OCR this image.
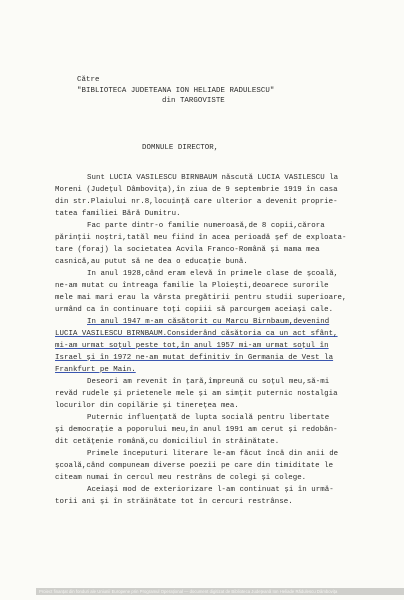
Către
"BIBLIOTECA JUDETEANA ION HELIADE RADULESCU"
din TARGOVISTE
DOMNULE DIRECTOR,
Sunt LUCIA VASILESCU BIRNBAUM născută LUCIA VASILESCU la
Moreni (Județul Dâmbovița),în ziua de 9 septembrie 1919 în casa
din str.Plaiului nr.8,locuință care ulterior a devenit proprie-
tatea familiei Bără Dumitru.
Fac parte dintr-o familie numeroasă,de 8 copii,cărora
părinții noștri,tatăl meu fiind în acea perioadă șef de exploata-
tare (foraj) la societatea Acvila Franco-Română și mama mea
casnică,au putut să ne dea o educație bună.
In anul 1928,când eram elevă în primele clase de școală,
ne-am mutat cu întreaga familie la Ploiești,deoarece surorile
mele mai mari erau la vârsta pregătirii pentru studii superioare,
urmând ca în continuare toți copiii să parcurgem aceiași cale.
In anul 1947 m-am căsătorit cu Marcu Birnbaum,devenind
LUCIA VASILESCU BIRNBAUM.Considerând căsătoria ca un act sfânt,
mi-am urmat soțul peste tot,în anul 1957 mi-am urmat soțul în
Israel și în 1972 ne-am mutat definitiv în Germania de Vest la
Frankfurt pe Main.
Deseori am revenit în țară,împreună cu soțul meu,să-mi
revăd rudele și prietenele mele și am simțit puternic nostalgia
locurilor din copilărie și tinerețea mea.
Puternic influențată de lupta socială pentru libertate
și democrație a poporului meu,în anul 1991 am cerut și redobân-
dit cetățenie română,cu domiciliul în străinătate.
Primele începuturi literare le-am făcut încă din anii de
școală,când compuneam diverse poezii pe care din timiditate le
citeam numai în cercul meu restrâns de colegi și colege.
Aceiași mod de exteriorizare l-am continuat și în urmă-
torii ani și în străinătate tot în cercuri restrânse.
Proiect finanțat din fonduri ale Uniunii Europene prin Programul Operațional — document digitizat de Biblioteca Județeană Ion Heliade Rădulescu Dâmbovița
